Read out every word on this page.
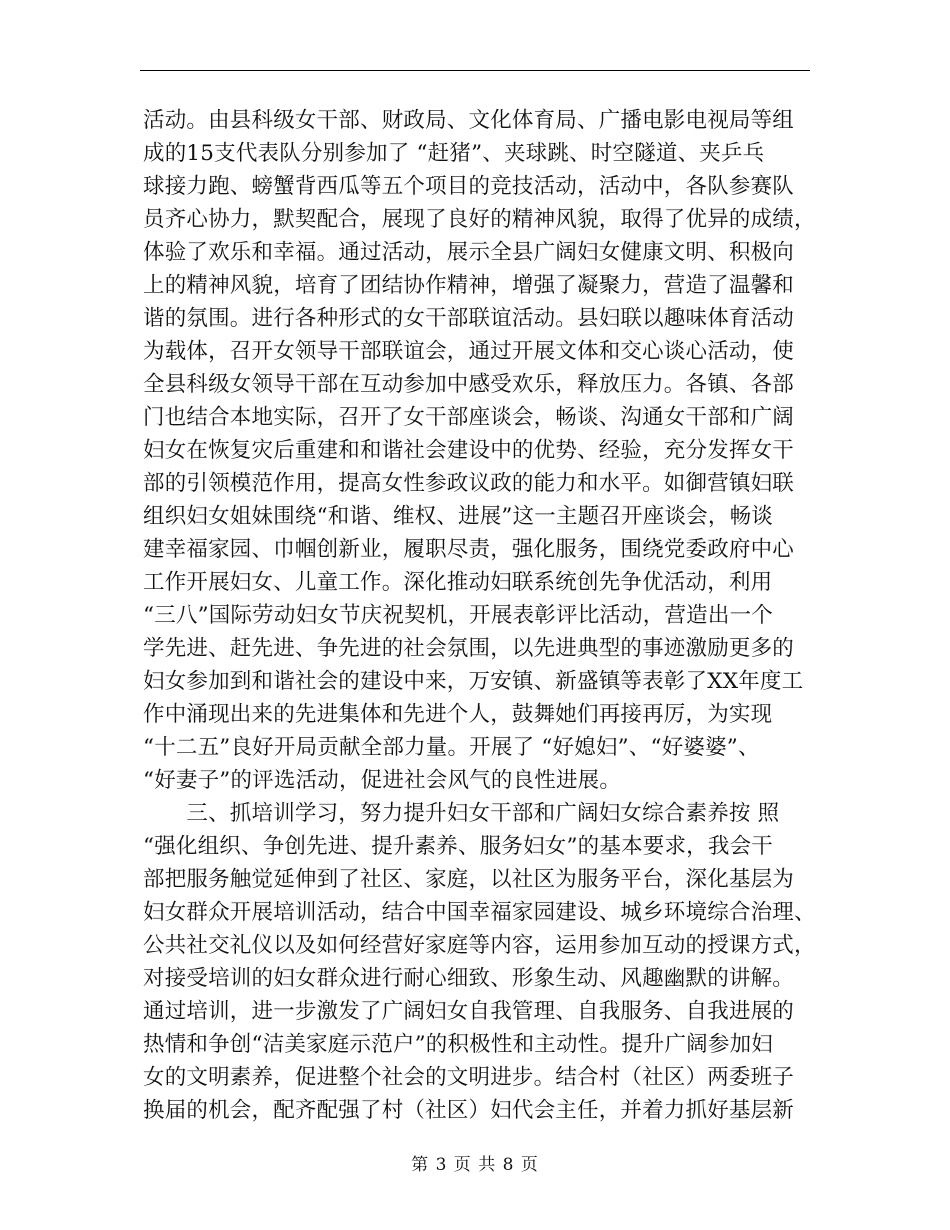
活动。由县科级女干部、财政局、文化体育局、广播电影电视局等组
成的15支代表队分别参加了 “赶猪”、夹球跳、时空隧道、夹乒乓
球接力跑、螃蟹背西瓜等五个项目的竞技活动，活动中，各队参赛队
员齐心协力，默契配合，展现了良好的精神风貌，取得了优异的成绩，
体验了欢乐和幸福。通过活动，展示全县广阔妇女健康文明、积极向
上的精神风貌，培育了团结协作精神，增强了凝聚力，营造了温馨和
谐的氛围。进行各种形式的女干部联谊活动。县妇联以趣味体育活动
为载体，召开女领导干部联谊会，通过开展文体和交心谈心活动，使
全县科级女领导干部在互动参加中感受欢乐，释放压力。各镇、各部
门也结合本地实际，召开了女干部座谈会，畅谈、沟通女干部和广阔
妇女在恢复灾后重建和和谐社会建设中的优势、经验，充分发挥女干
部的引领模范作用，提高女性参政议政的能力和水平。如御营镇妇联
组织妇女姐妹围绕“和谐、维权、进展”这一主题召开座谈会，畅谈
建幸福家园、巾帼创新业，履职尽责，强化服务，围绕党委政府中心
工作开展妇女、儿童工作。深化推动妇联系统创先争优活动，利用
“三八”国际劳动妇女节庆祝契机，开展表彰评比活动，营造出一个
学先进、赶先进、争先进的社会氛围，以先进典型的事迹激励更多的
妇女参加到和谐社会的建设中来，万安镇、新盛镇等表彰了XX年度工
作中涌现出来的先进集体和先进个人，鼓舞她们再接再厉，为实现
“十二五”良好开局贡献全部力量。开展了 “好媳妇”、“好婆婆”、
“好妻子”的评选活动，促进社会风气的良性进展。
　　三、抓培训学习，努力提升妇女干部和广阔妇女综合素养按 照
“强化组织、争创先进、提升素养、服务妇女”的基本要求，我会干
部把服务触觉延伸到了社区、家庭，以社区为服务平台，深化基层为
妇女群众开展培训活动，结合中国幸福家园建设、城乡环境综合治理、
公共社交礼仪以及如何经营好家庭等内容，运用参加互动的授课方式，
对接受培训的妇女群众进行耐心细致、形象生动、风趣幽默的讲解。
通过培训，进一步激发了广阔妇女自我管理、自我服务、自我进展的
热情和争创“洁美家庭示范户”的积极性和主动性。提升广阔参加妇
女的文明素养，促进整个社会的文明进步。结合村（社区）两委班子
换届的机会，配齐配强了村（社区）妇代会主任，并着力抓好基层新
第 3 页 共 8 页
